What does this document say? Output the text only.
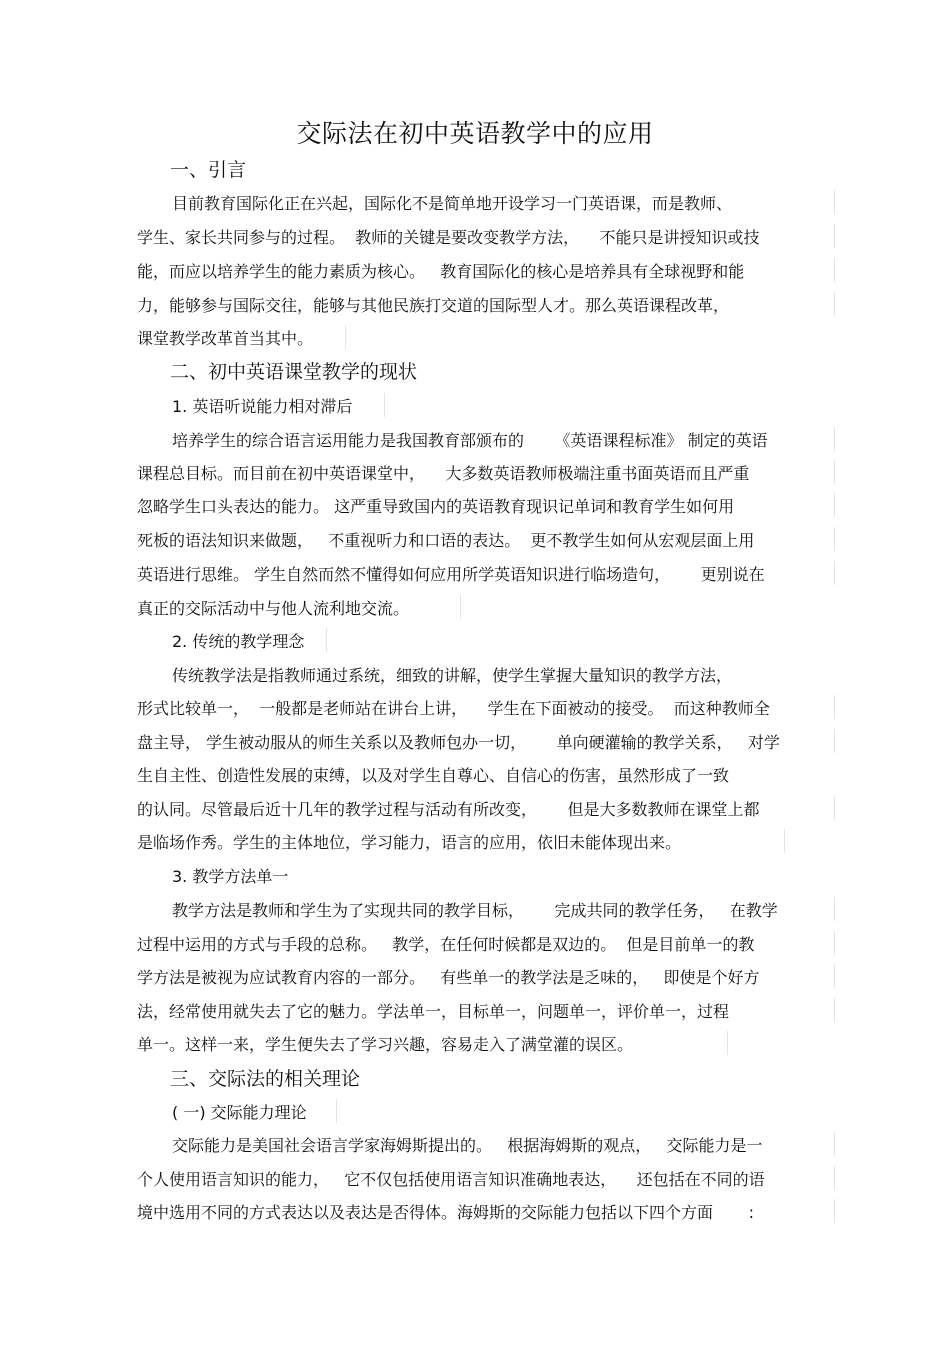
交际法在初中英语教学中的应用
一、引言
目前教育国际化正在兴起，国际化不是简单地开设学习一门英语课，而是教师、
学生、家长共同参与的过程。  教师的关键是要改变教学方法，    不能只是讲授知识或技
能，而应以培养学生的能力素质为核心。   教育国际化的核心是培养具有全球视野和能
力，能够参与国际交往，能够与其他民族打交道的国际型人才。那么英语课程改革，
课堂教学改革首当其中。
二、初中英语课堂教学的现状
1. 英语听说能力相对滞后
培养学生的综合语言运用能力是我国教育部颁布的      《英语课程标准》 制定的英语
课程总目标。而目前在初中英语课堂中，    大多数英语教师极端注重书面英语而且严重
忽略学生口头表达的能力。 这严重导致国内的英语教育现识记单词和教育学生如何用
死板的语法知识来做题，   不重视听力和口语的表达。  更不教学生如何从宏观层面上用
英语进行思维。 学生自然而然不懂得如何应用所学英语知识进行临场造句，      更别说在
真正的交际活动中与他人流利地交流。
2. 传统的教学理念
传统教学法是指教师通过系统，细致的讲解，使学生掌握大量知识的教学方法，
形式比较单一，  一般都是老师站在讲台上讲，    学生在下面被动的接受。  而这种教师全
盘主导， 学生被动服从的师生关系以及教师包办一切，      单向硬灌输的教学关系，   对学
生自主性、创造性发展的束缚，以及对学生自尊心、自信心的伤害，虽然形成了一致
的认同。尽管最后近十几年的教学过程与活动有所改变，      但是大多数教师在课堂上都
是临场作秀。学生的主体地位，学习能力，语言的应用，依旧未能体现出来。
3. 教学方法单一
教学方法是教师和学生为了实现共同的教学目标，      完成共同的教学任务，   在教学
过程中运用的方式与手段的总称。   教学，在任何时候都是双边的。  但是目前单一的教
学方法是被视为应试教育内容的一部分。   有些单一的教学法是乏味的，   即使是个好方
法，经常使用就失去了它的魅力。学法单一，目标单一，问题单一，评价单一，过程
单一。这样一来，学生便失去了学习兴趣，容易走入了满堂灌的误区。
三、交际法的相关理论
( 一) 交际能力理论
交际能力是美国社会语言学家海姆斯提出的。   根据海姆斯的观点，   交际能力是一
个人使用语言知识的能力，   它不仅包括使用语言知识准确地表达，    还包括在不同的语
境中选用不同的方式表达以及表达是否得体。海姆斯的交际能力包括以下四个方面       :
